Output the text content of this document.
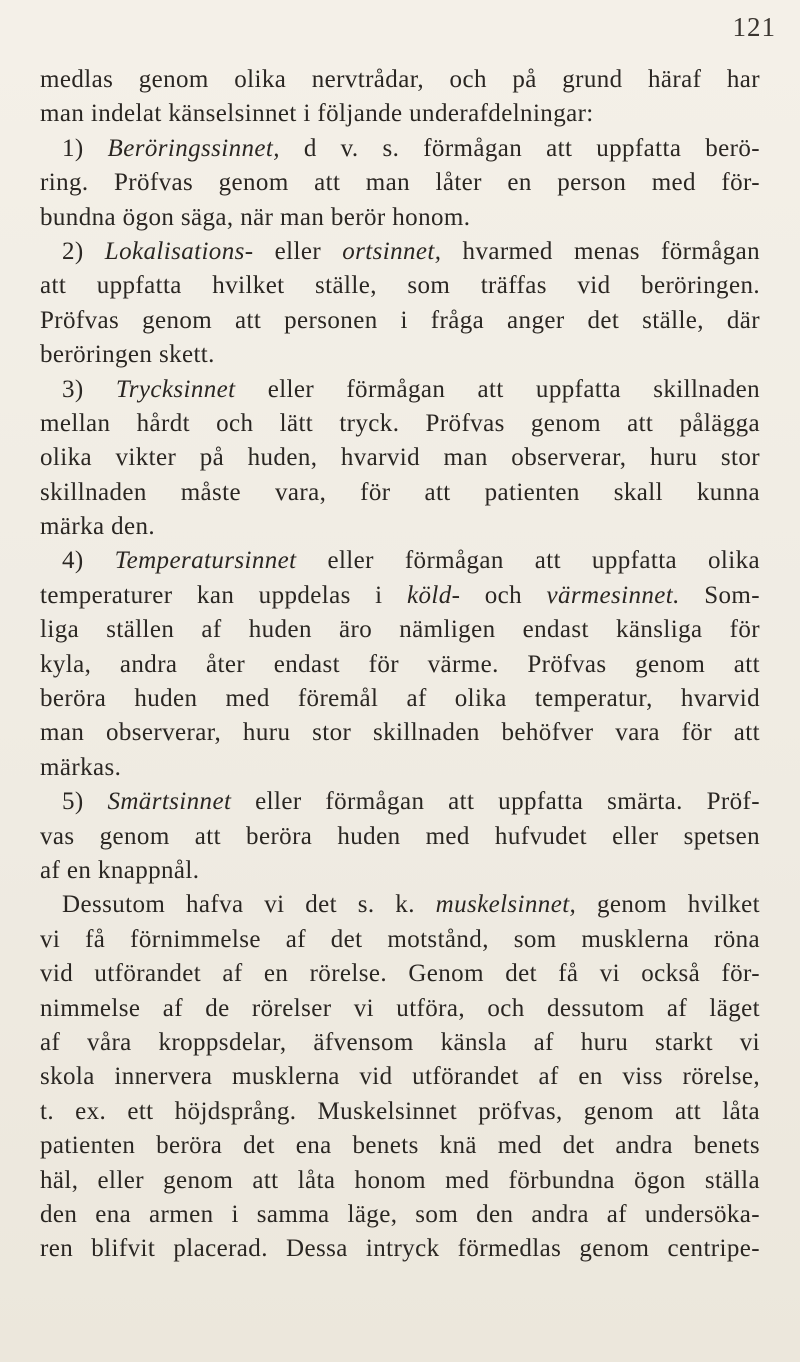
121
medlas genom olika nervtrådar, och på grund häraf har
man indelat känselsinnet i följande underafdelningar:
1) Beröringssinnet, d v. s. förmågan att uppfatta berö-
ring. Pröfvas genom att man låter en person med för-
bundna ögon säga, när man berör honom.
2) Lokalisations- eller ortsinnet, hvarmed menas förmågan
att uppfatta hvilket ställe, som träffas vid beröringen.
Pröfvas genom att personen i fråga anger det ställe, där
beröringen skett.
3) Trycksinnet eller förmågan att uppfatta skillnaden
mellan hårdt och lätt tryck. Pröfvas genom att pålägga
olika vikter på huden, hvarvid man observerar, huru stor
skillnaden måste vara, för att patienten skall kunna
märka den.
4) Temperatursinnet eller förmågan att uppfatta olika
temperaturer kan uppdelas i köld- och värmesinnet. Som-
liga ställen af huden äro nämligen endast känsliga för
kyla, andra åter endast för värme. Pröfvas genom att
beröra huden med föremål af olika temperatur, hvarvid
man observerar, huru stor skillnaden behöfver vara för att
märkas.
5) Smärtsinnet eller förmågan att uppfatta smärta. Pröf-
vas genom att beröra huden med hufvudet eller spetsen
af en knappnål.
Dessutom hafva vi det s. k. muskelsinnet, genom hvilket
vi få förnimmelse af det motstånd, som musklerna röna
vid utförandet af en rörelse. Genom det få vi också för-
nimmelse af de rörelser vi utföra, och dessutom af läget
af våra kroppsdelar, äfvensom känsla af huru starkt vi
skola innervera musklerna vid utförandet af en viss rörelse,
t. ex. ett höjdsprång. Muskelsinnet pröfvas, genom att låta
patienten beröra det ena benets knä med det andra benets
häl, eller genom att låta honom med förbundna ögon ställa
den ena armen i samma läge, som den andra af undersöka-
ren blifvit placerad. Dessa intryck förmedlas genom centripe-
